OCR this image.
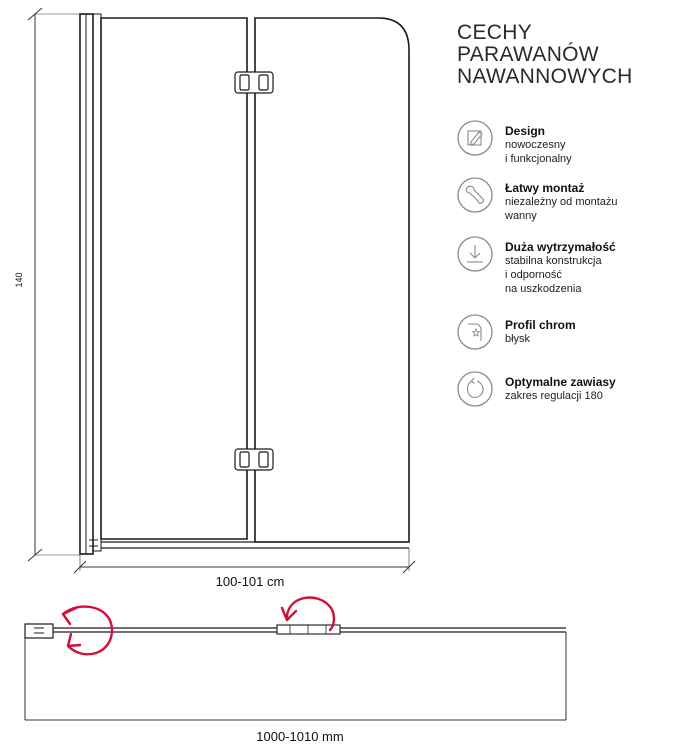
140
100-101 cm
1000-1010 mm
CECHY
PARAWANÓW
NAWANNOWYCH
Design
nowoczesny
i funkcjonalny
Łatwy montaż
niezależny od montażu
wanny
Duża wytrzymałość
stabilna konstrukcja
i odporność
na uszkodzenia
Profil chrom
błysk
Optymalne zawiasy
zakres regulacji 180
